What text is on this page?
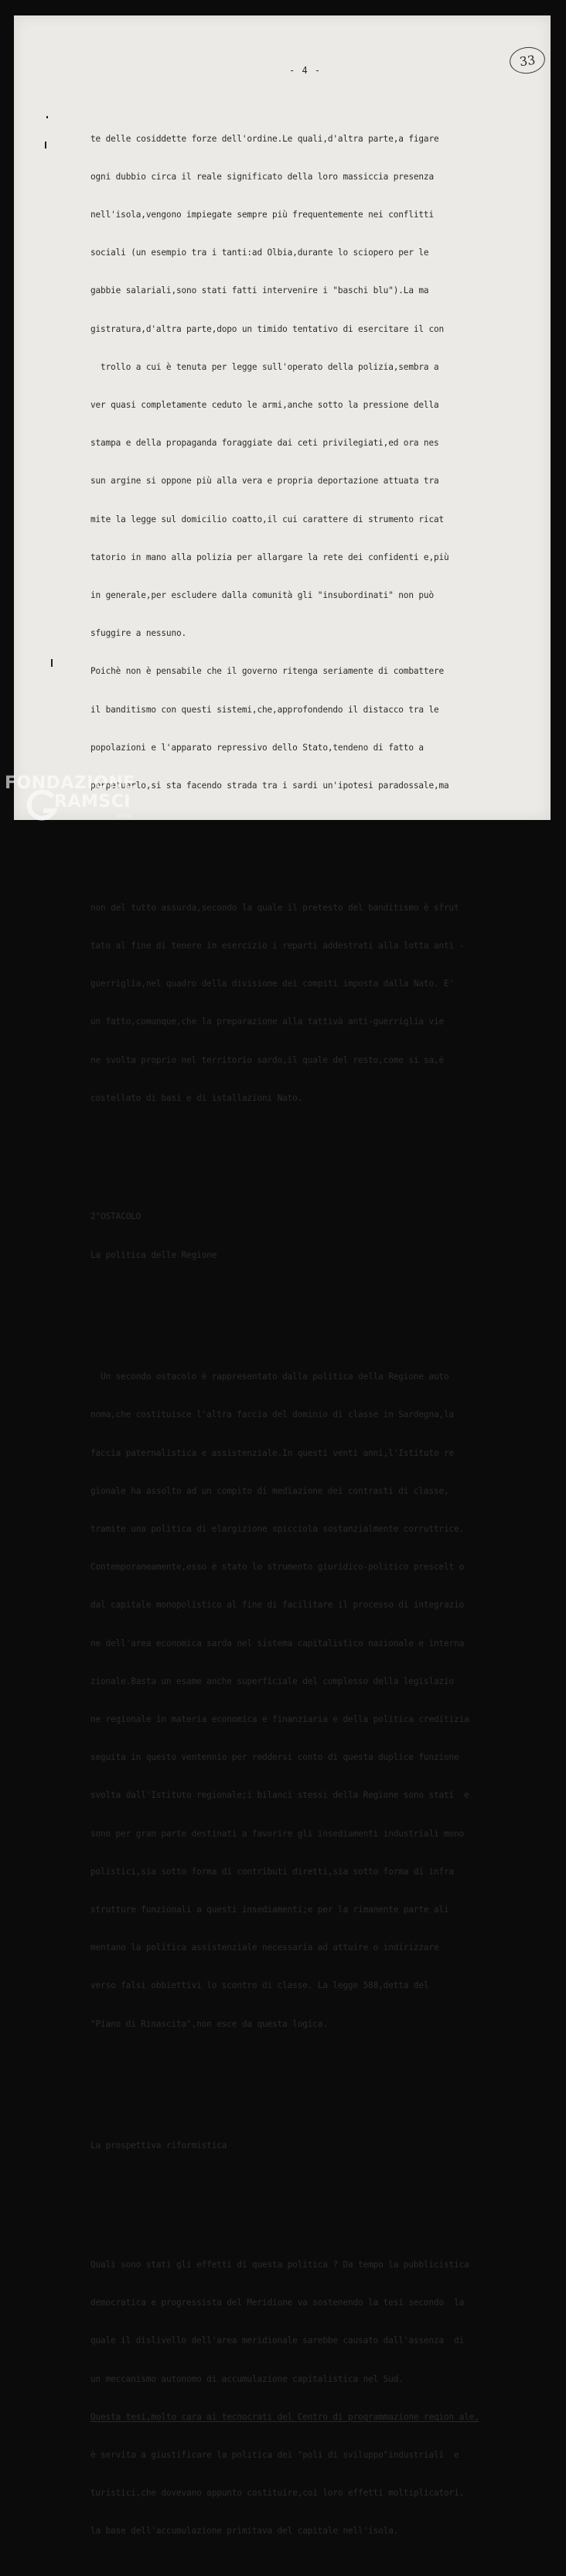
- 4 -
33

te delle cosiddette forze dell'ordine.Le quali,d'altra parte,a figare

ogni dubbio circa il reale significato della loro massiccia presenza

nell'isola,vengono impiegate sempre più frequentemente nei conflitti

sociali (un esempio tra i tanti:ad Olbia,durante lo sciopero per le

gabbie salariali,sono stati fatti intervenire i "baschi blu").La ma

gistratura,d'altra parte,dopo un timido tentativo di esercitare il con

trollo a cui è tenuta per legge sull'operato della polizia,sembra a

ver quasi completamente ceduto le armi,anche sotto la pressione della

stampa e della propaganda foraggiate dai ceti privilegiati,ed ora nes

sun argine si oppone più alla vera e propria deportazione attuata tra

mite la legge sul domicilio coatto,il cui carattere di strumento ricat

tatorio in mano alla polizia per allargare la rete dei confidenti e,più

in generale,per escludere dalla comunità gli "insubordinati" non può

sfuggire a nessuno.

Poichè non è pensabile che il governo ritenga seriamente di combattere

il banditismo con questi sistemi,che,approfondendo il distacco tra le

popolazioni e l'apparato repressivo dello Stato,tendeno di fatto a

perpetuarlo,si sta facendo strada tra i sardi un'ipotesi paradossale,ma

non del tutto assurda,secondo la quale il pretesto del banditismo è sfrut

tato al fine di tenere in esercizio i reparti addestrati alla lotta anti -

guerriglia,nel quadro della divisione dei compiti imposta dalla Nato. E'

un fatto,comunque,che la preparazione alla tattivà anti-guerriglia vie

ne svolta proprio nel territorio sardo,il quale del resto,come si sa,è

costellato di basi e di istallazioni Nato.

2°OSTACOLO

La politica delle Regione

Un secondo ostacolo è rappresentato dalla politica della Regione auto

noma,che costituisce l'altra faccia del dominio di classe in Sardegna,la

faccia paternalistica e assistenziale.In questi venti anni,l'Istituto re

gionale ha assolto ad un compito di mediazione dei contrasti di classe,

tramite una politica di elargizione spicciola sostanzialmente corruttrice.

Contemporaneamente,esso è stato lo strumento giuridico-politico prescelt o

dal capitale monopolistico al fine di facilitare il processo di integrazio

ne dell'area economica sarda nel sistema capitalistico nazionale e interna

zionale.Basta un esame anche superficiale del complesso della legislazio

ne regionale in materia economica e finanziaria e della politica creditizia

seguita in questo ventennio per reddersi conto di questa duplice funzione

svolta dall'Istituto regionale;i bilanci stessi della Regione sono stati  e

sono per gran parte destinati a favorire gli insediamenti industriali mono

polistici,sia sotto forma di contributi diretti,sia sotto forma di infra

strutture funzionali a questi insediamenti;e per la rimanente parte ali

mentano la politica assistenziale necessaria ad attuire o indirizzare

verso falsi obbiettivi lo scontro di classe. La legge 588,detta del

"Piano di Rinascita",non esce da questa logica.

La prospettiva riformistica

Quali sono stati gli effetti di questa politica ? Da tempo la pubblicistica

democratica e progressista del Meridione va sostenendo la tesi secondo  la

quale il dislivello dell'area meridionale sarebbe causato dall'assenza  di

un meccanismo autonomo di accumulazione capitalistica nel Sud.

Questa tesi,molto cara ai tecnocrati del Centro di programmazione region ale,

è servita a giustificare la politica dei "poli di sviluppo"industriali  e

turistici,che dovevano appunto costituire,coi loro effetti moltiplicatori,

la base dell'accumulazione primitava del capitale nell'isola.

FONDAZIONE
RAMSCI
onlus
